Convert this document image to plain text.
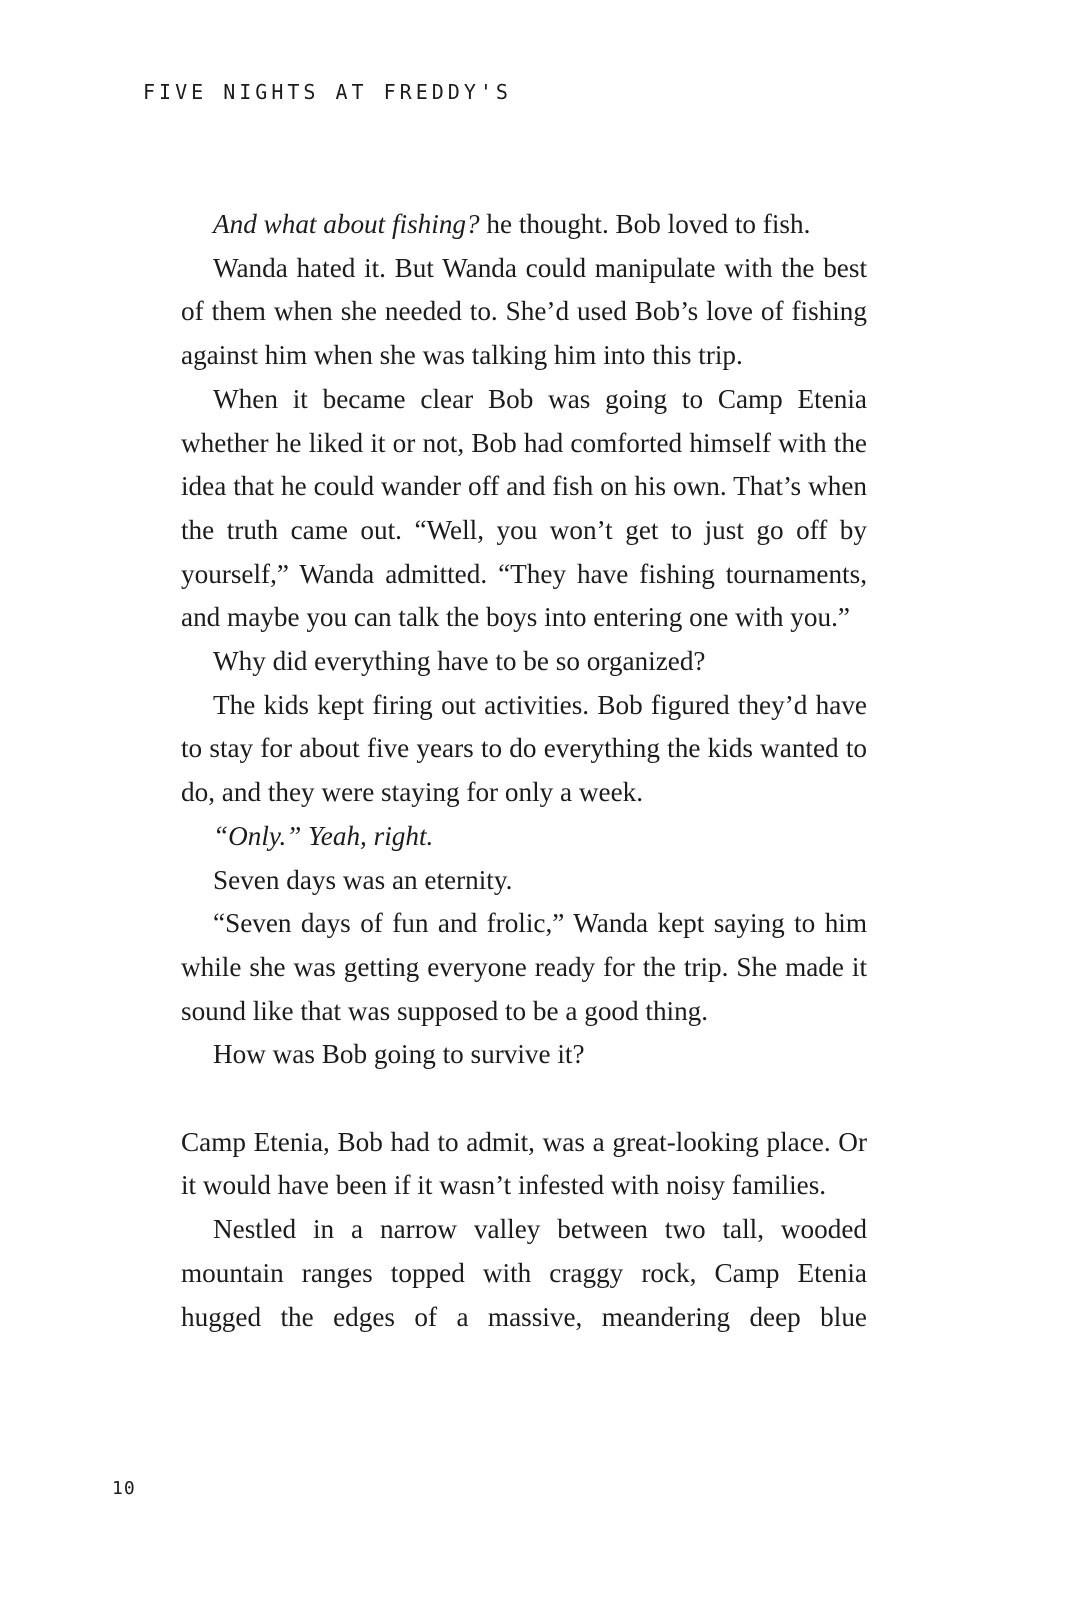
FIVE NIGHTS AT FREDDY'S

And what about fishing? he thought. Bob loved to fish.

Wanda hated it. But Wanda could manipulate with the best of them when she needed to. She’d used Bob’s love of fishing against him when she was talking him into this trip.

When it became clear Bob was going to Camp Etenia whether he liked it or not, Bob had comforted himself with the idea that he could wander off and fish on his own. That’s when the truth came out. “Well, you won’t get to just go off by yourself,” Wanda admitted. “They have fishing tournaments, and maybe you can talk the boys into entering one with you.”

Why did everything have to be so organized?

The kids kept firing out activities. Bob figured they’d have to stay for about five years to do everything the kids wanted to do, and they were staying for only a week.

“Only.” Yeah, right.

Seven days was an eternity.

“Seven days of fun and frolic,” Wanda kept saying to him while she was getting everyone ready for the trip. She made it sound like that was supposed to be a good thing.

How was Bob going to survive it?

Camp Etenia, Bob had to admit, was a great-looking place. Or it would have been if it wasn’t infested with noisy families.

Nestled in a narrow valley between two tall, wooded mountain ranges topped with craggy rock, Camp Etenia hugged the edges of a massive, meandering deep blue

10
